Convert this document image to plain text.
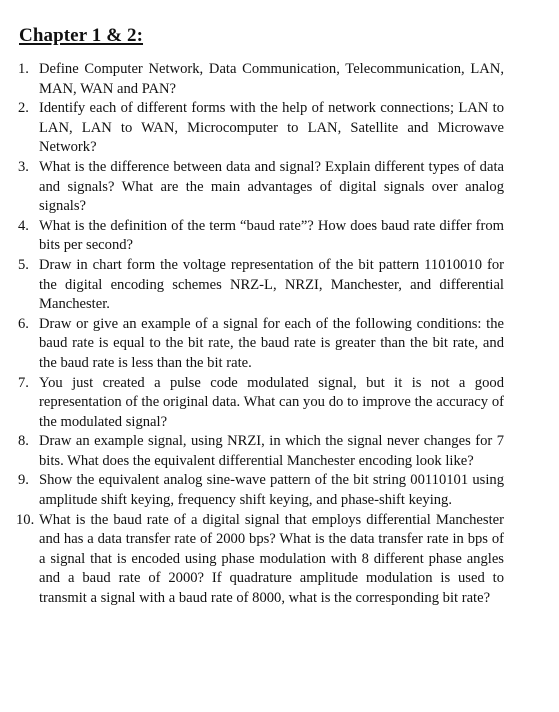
Chapter 1 & 2:
1. Define Computer Network, Data Communication, Telecommunication, LAN, MAN, WAN and PAN?
2. Identify each of different forms with the help of network connections; LAN to LAN, LAN to WAN, Microcomputer to LAN, Satellite and Microwave Network?
3. What is the difference between data and signal? Explain different types of data and signals? What are the main advantages of digital signals over analog signals?
4. What is the definition of the term “baud rate”? How does baud rate differ from bits per second?
5. Draw in chart form the voltage representation of the bit pattern 11010010 for the digital encoding schemes NRZ-L, NRZI, Manchester, and differential Manchester.
6. Draw or give an example of a signal for each of the following conditions: the baud rate is equal to the bit rate, the baud rate is greater than the bit rate, and the baud rate is less than the bit rate.
7. You just created a pulse code modulated signal, but it is not a good representation of the original data. What can you do to improve the accuracy of the modulated signal?
8. Draw an example signal, using NRZI, in which the signal never changes for 7 bits. What does the equivalent differential Manchester encoding look like?
9. Show the equivalent analog sine-wave pattern of the bit string 00110101 using amplitude shift keying, frequency shift keying, and phase-shift keying.
10. What is the baud rate of a digital signal that employs differential Manchester and has a data transfer rate of 2000 bps? What is the data transfer rate in bps of a signal that is encoded using phase modulation with 8 different phase angles and a baud rate of 2000? If quadrature amplitude modulation is used to transmit a signal with a baud rate of 8000, what is the corresponding bit rate?
